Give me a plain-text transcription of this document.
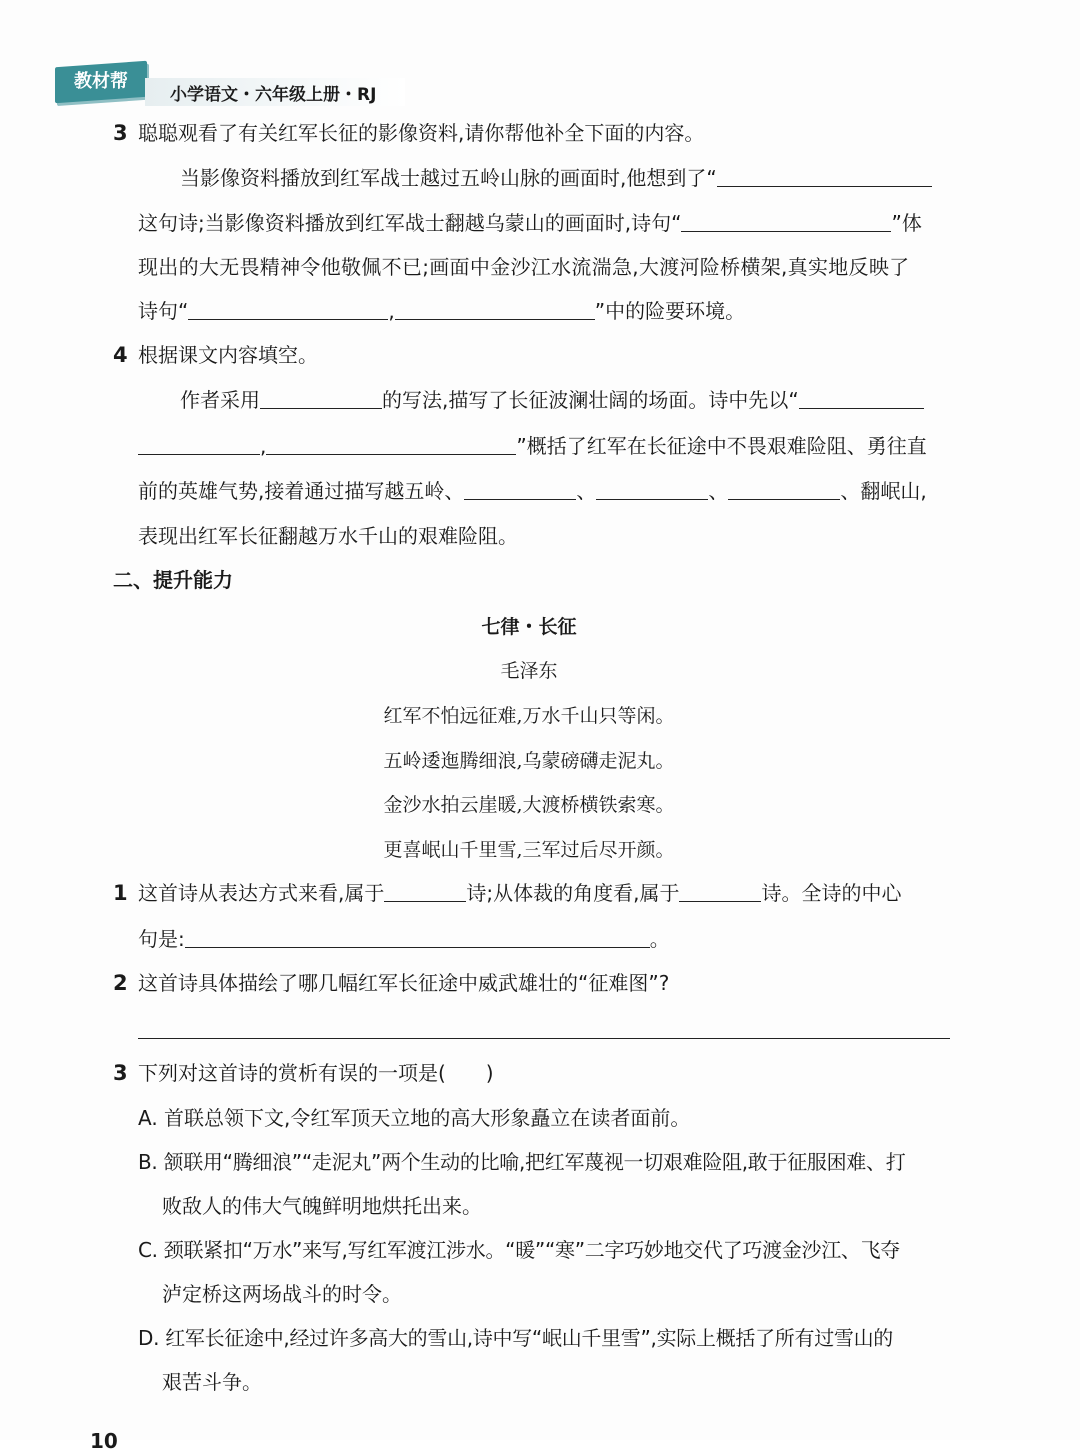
教材帮
小学语文・六年级上册・RJ
3 聪聪观看了有关红军长征的影像资料,请你帮他补全下面的内容。
当影像资料播放到红军战士越过五岭山脉的画面时,他想到了“
这句诗;当影像资料播放到红军战士翻越乌蒙山的画面时,诗句“	”体
现出的大无畏精神令他敬佩不已;画面中金沙江水流湍急,大渡河险桥横架,真实地反映了
诗句“	,	”中的险要环境。
4 根据课文内容填空。
作者采用	的写法,描写了长征波澜壮阔的场面。诗中先以“
,	”概括了红军在长征途中不畏艰难险阻、勇往直
前的英雄气势,接着通过描写越五岭、	、	、	、翻岷山,
表现出红军长征翻越万水千山的艰难险阻。
二、提升能力
七律・长征
毛泽东
红军不怕远征难,万水千山只等闲。
五岭逶迤腾细浪,乌蒙磅礴走泥丸。
金沙水拍云崖暖,大渡桥横铁索寒。
更喜岷山千里雪,三军过后尽开颜。
1 这首诗从表达方式来看,属于	诗;从体裁的角度看,属于	诗。全诗的中心
句是:	。
2 这首诗具体描绘了哪几幅红军长征途中威武雄壮的“征难图”?
3 下列对这首诗的赏析有误的一项是(　　)
A. 首联总领下文,令红军顶天立地的高大形象矗立在读者面前。
B. 颔联用“腾细浪”“走泥丸”两个生动的比喻,把红军蔑视一切艰难险阻,敢于征服困难、打
败敌人的伟大气魄鲜明地烘托出来。
C. 颈联紧扣“万水”来写,写红军渡江涉水。“暖”“寒”二字巧妙地交代了巧渡金沙江、飞夺
泸定桥这两场战斗的时令。
D. 红军长征途中,经过许多高大的雪山,诗中写“岷山千里雪”,实际上概括了所有过雪山的
艰苦斗争。
10
